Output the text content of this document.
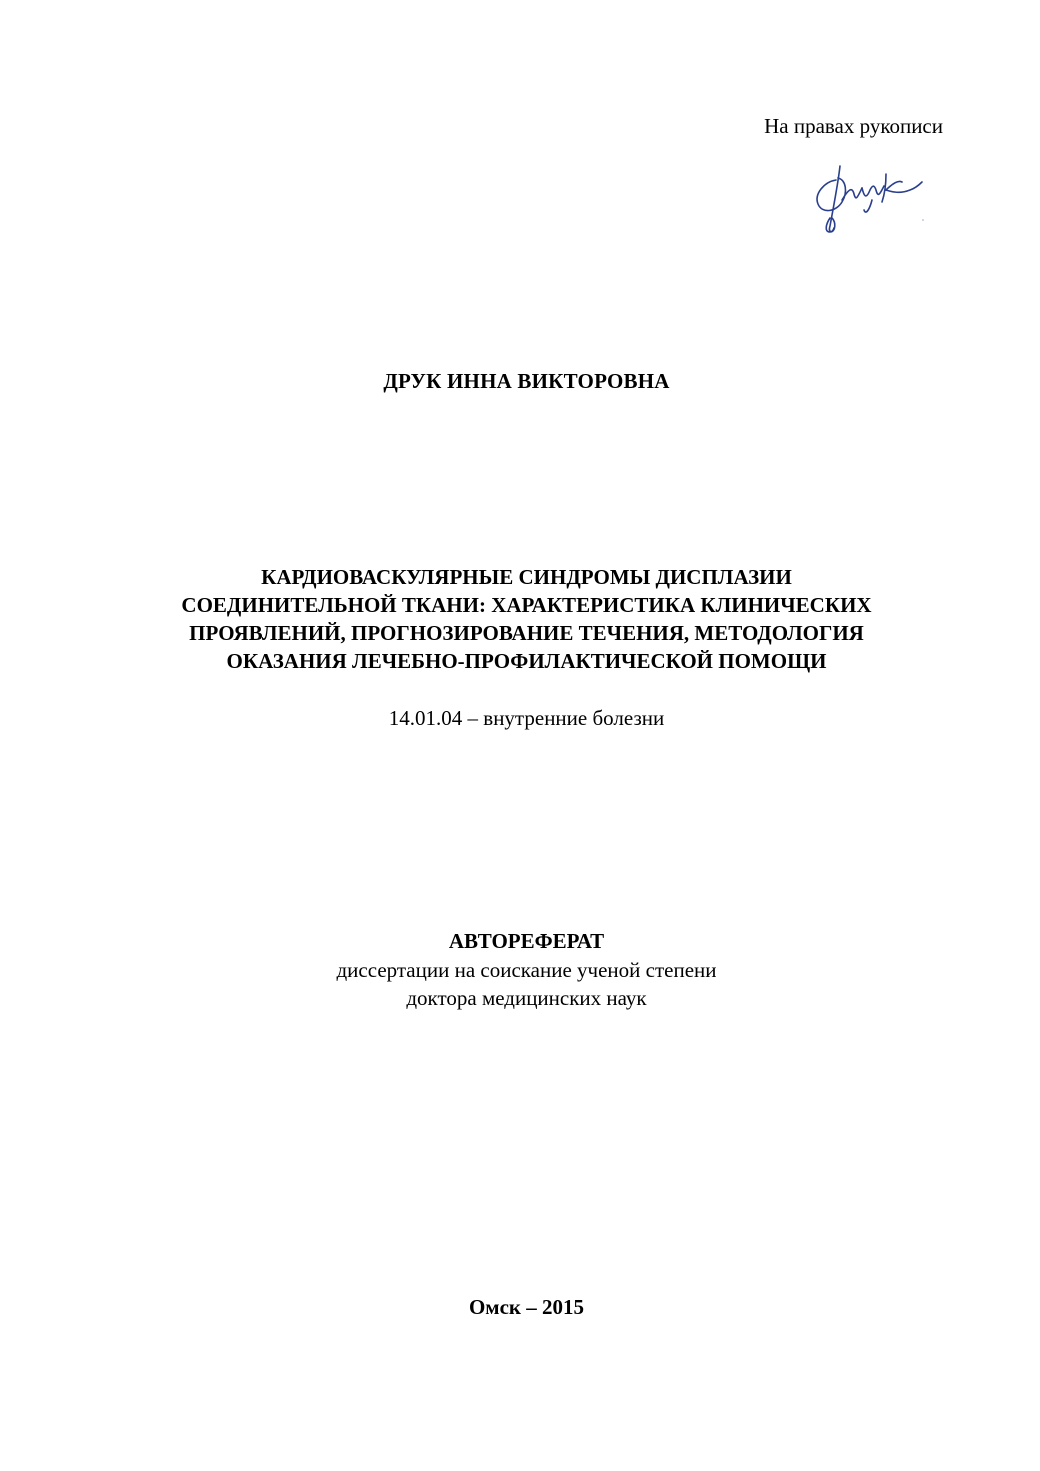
На правах рукописи
ДРУК ИННА ВИКТОРОВНА
КАРДИОВАСКУЛЯРНЫЕ СИНДРОМЫ ДИСПЛАЗИИ
СОЕДИНИТЕЛЬНОЙ ТКАНИ: ХАРАКТЕРИСТИКА КЛИНИЧЕСКИХ
ПРОЯВЛЕНИЙ, ПРОГНОЗИРОВАНИЕ ТЕЧЕНИЯ, МЕТОДОЛОГИЯ
ОКАЗАНИЯ ЛЕЧЕБНО-ПРОФИЛАКТИЧЕСКОЙ ПОМОЩИ
14.01.04 – внутренние болезни
АВТОРЕФЕРАТ
диссертации на соискание ученой степени
доктора медицинских наук
Омск – 2015
